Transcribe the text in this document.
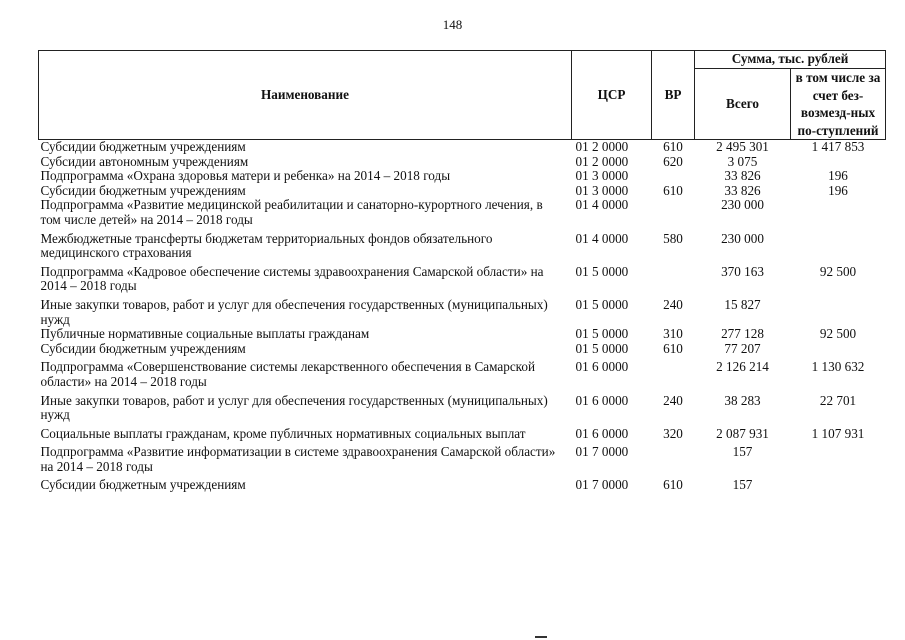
148
Наименование	ЦСР	ВР	Сумма, тыс. рублей	
			Всего	в том числе за счет без-возмезд-ных по-ступлений
Субсидии бюджетным учреждениям	01 2 0000	610	2 495 301	1 417 853
Субсидии автономным учреждениям	01 2 0000	620	3 075	
Подпрограмма «Охрана здоровья матери и ребенка» на 2014 – 2018 годы	01 3 0000		33 826	196
Субсидии бюджетным учреждениям	01 3 0000	610	33 826	196
Подпрограмма «Развитие медицинской реабилитации и санаторно-курортного лечения, в том числе детей» на 2014 – 2018 годы	01 4 0000		230 000	
Межбюджетные трансферты бюджетам территориальных фондов обязательного медицинского страхования	01 4 0000	580	230 000	
Подпрограмма «Кадровое обеспечение системы здравоохранения Самарской области» на 2014 – 2018 годы	01 5 0000		370 163	92 500
Иные закупки товаров, работ и услуг для обеспечения государственных (муниципальных) нужд	01 5 0000	240	15 827	
Публичные нормативные социальные выплаты гражданам	01 5 0000	310	277 128	92 500
Субсидии бюджетным учреждениям	01 5 0000	610	77 207	
Подпрограмма «Совершенствование системы лекарственного обеспечения в Самарской области» на 2014 – 2018 годы	01 6 0000		2 126 214	1 130 632
Иные закупки товаров, работ и услуг для обеспечения государственных (муниципальных) нужд	01 6 0000	240	38 283	22 701
Социальные выплаты гражданам, кроме публичных нормативных социальных выплат	01 6 0000	320	2 087 931	1 107 931
Подпрограмма «Развитие информатизации в системе здравоохранения Самарской области» на 2014 – 2018 годы	01 7 0000		157	
Субсидии бюджетным учреждениям	01 7 0000	610	157	
